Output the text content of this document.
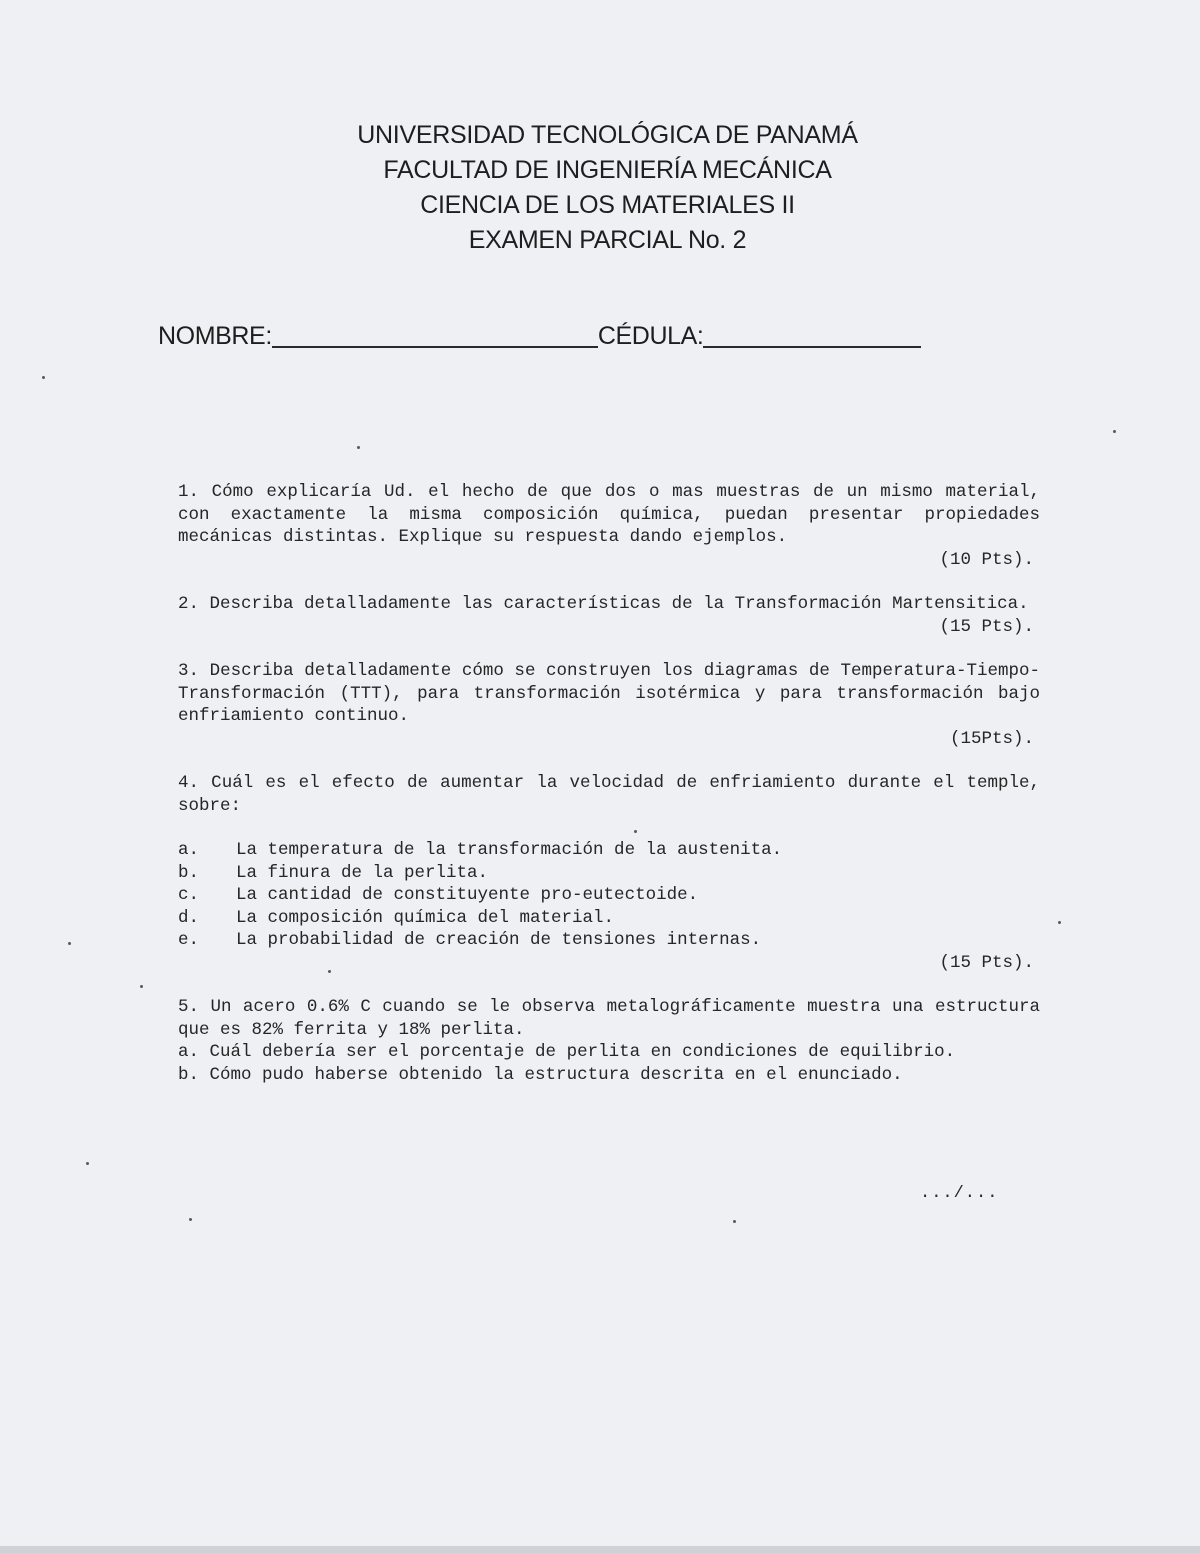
UNIVERSIDAD TECNOLÓGICA DE PANAMÁ
FACULTAD DE INGENIERÍA MECÁNICA
CIENCIA DE LOS MATERIALES II
EXAMEN PARCIAL No. 2
NOMBRE:	CÉDULA:
1. Cómo explicaría Ud. el hecho de que dos o mas muestras de un mismo material, con exactamente la misma composición química, puedan presentar propiedades mecánicas distintas. Explique su respuesta dando ejemplos.
(10 Pts).
2. Describa detalladamente las características de la Transformación Martensitica.
(15 Pts).
3. Describa detalladamente cómo se construyen los diagramas de Temperatura-Tiempo-Transformación (TTT), para transformación isotérmica y para transformación bajo enfriamiento continuo.
(15Pts).
4. Cuál es el efecto de aumentar la velocidad de enfriamiento durante el temple, sobre:
a.	La temperatura de la transformación de la austenita.
b.	La finura de la perlita.
c.	La cantidad de constituyente pro-eutectoide.
d.	La composición química del material.
e.	La probabilidad de creación de tensiones internas.
(15 Pts).
5. Un acero 0.6% C cuando se le observa metalográficamente muestra una estructura que es 82% ferrita y 18% perlita.
a. Cuál debería ser el porcentaje de perlita en condiciones de equilibrio.
b. Cómo pudo haberse obtenido la estructura descrita en el enunciado.
.../...
